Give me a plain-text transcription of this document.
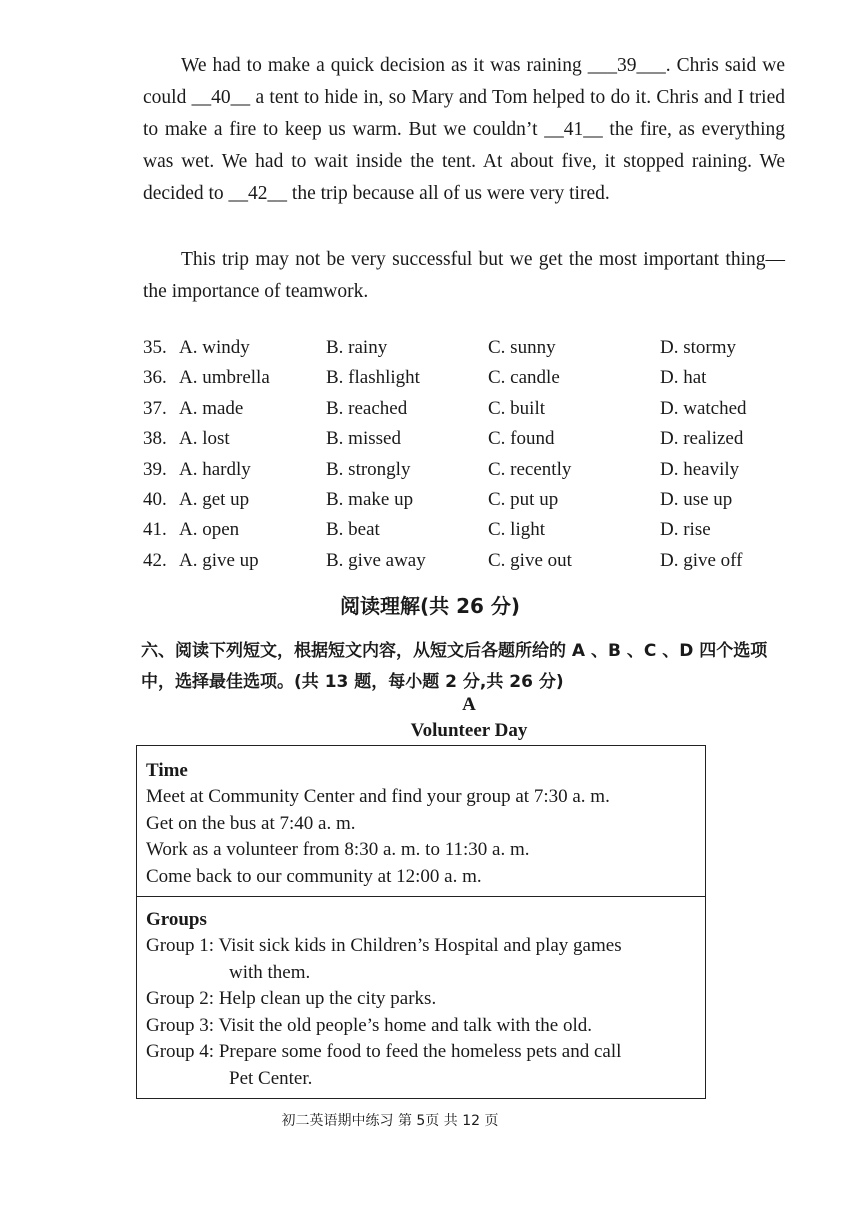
We had to make a quick decision as it was raining ___39___. Chris said we could __40__ a tent to hide in, so Mary and Tom helped to do it. Chris and I tried to make a fire to keep us warm. But we couldn’t __41__ the fire, as everything was wet. We had to wait inside the tent. At about five, it stopped raining. We decided to __42__ the trip because all of us were very tired.

This trip may not be very successful but we get the most important thing—the importance of teamwork.

35. A. windy	B. rainy	C. sunny	D. stormy
36. A. umbrella	B. flashlight	C. candle	D. hat
37. A. made	B. reached	C. built	D. watched
38. A. lost	B. missed	C. found	D. realized
39. A. hardly	B. strongly	C. recently	D. heavily
40. A. get up	B. make up	C. put up	D. use up
41. A. open	B. beat	C. light	D. rise
42. A. give up	B. give away	C. give out	D. give off
阅读理解(共 26 分)
六、阅读下列短文，根据短文内容，从短文后各题所给的 A 、B 、C 、D 四个选项中，选择最佳选项。(共 13 题，每小题 2 分,共 26 分)
A
Volunteer Day
Time
Meet at Community Center and find your group at 7:30 a. m.
Get on the bus at 7:40 a. m.
Work as a volunteer from 8:30 a. m. to 11:30 a. m.
Come back to our community at 12:00 a. m.
Groups
Group 1: Visit sick kids in Children’s Hospital and play games
with them.
Group 2: Help clean up the city parks.
Group 3: Visit the old people’s home and talk with the old.
Group 4: Prepare some food to feed the homeless pets and call
Pet Center.
初二英语期中练习 第 5页 共 12 页
